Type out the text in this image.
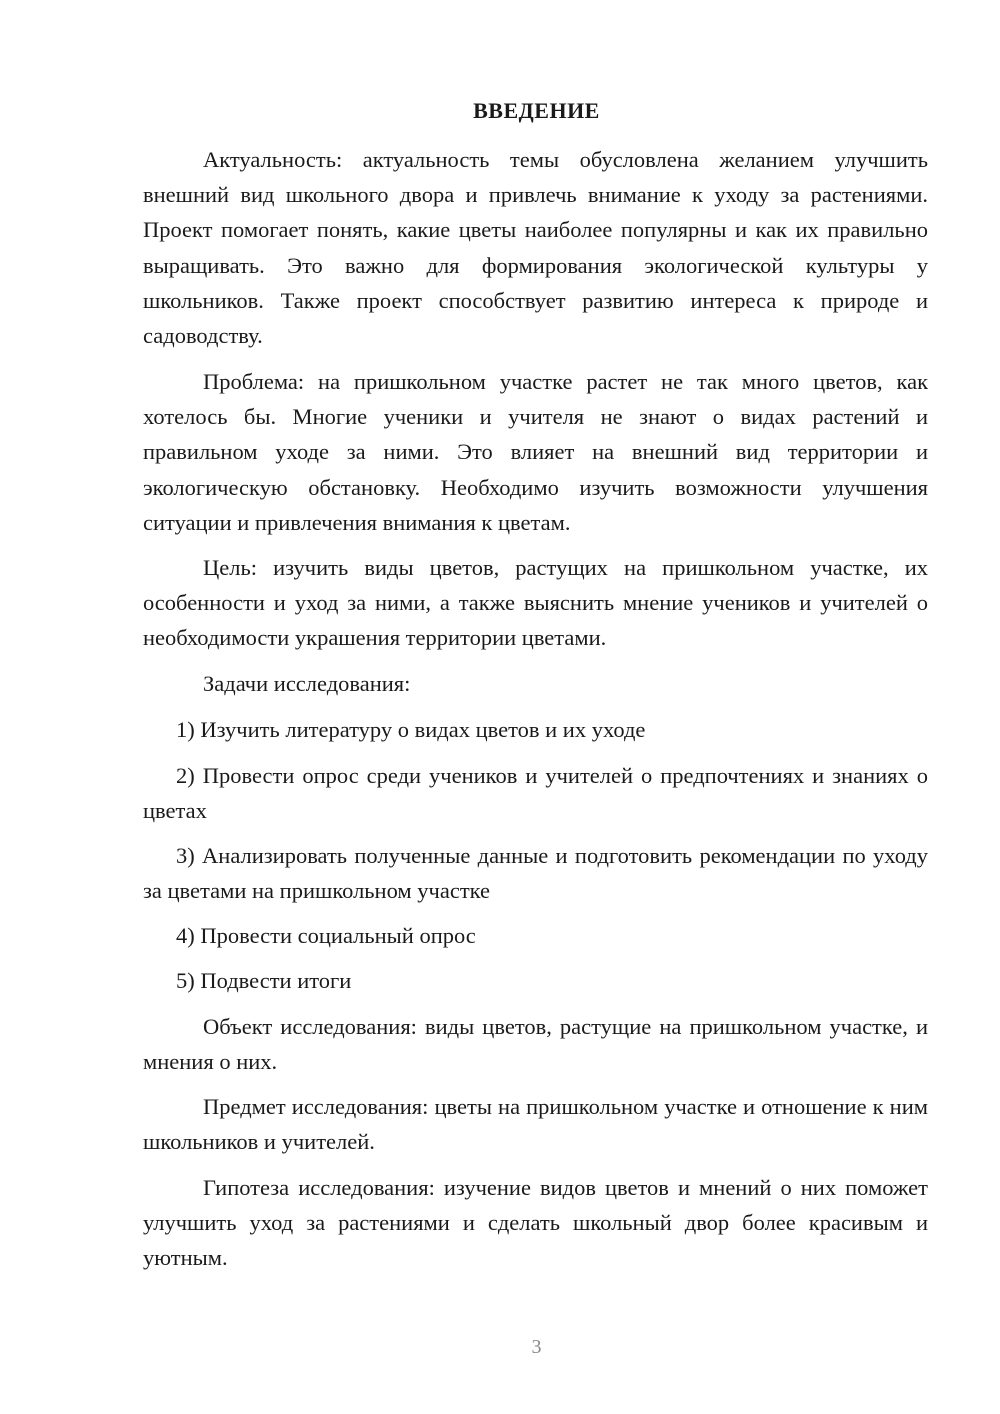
ВВЕДЕНИЕ

Актуальность: актуальность темы обусловлена желанием улучшить внешний вид школьного двора и привлечь внимание к уходу за растениями. Проект помогает понять, какие цветы наиболее популярны и как их правильно выращивать. Это важно для формирования экологической культуры у школьников. Также проект способствует развитию интереса к природе и садоводству.

Проблема: на пришкольном участке растет не так много цветов, как хотелось бы. Многие ученики и учителя не знают о видах растений и правильном уходе за ними. Это влияет на внешний вид территории и экологическую обстановку. Необходимо изучить возможности улучшения ситуации и привлечения внимания к цветам.

Цель: изучить виды цветов, растущих на пришкольном участке, их особенности и уход за ними, а также выяснить мнение учеников и учителей о необходимости украшения территории цветами.

Задачи исследования:

1) Изучить литературу о видах цветов и их уходе

2) Провести опрос среди учеников и учителей о предпочтениях и знаниях о цветах

3) Анализировать полученные данные и подготовить рекомендации по уходу за цветами на пришкольном участке

4) Провести социальный опрос

5) Подвести итоги

Объект исследования: виды цветов, растущие на пришкольном участке, и мнения о них.

Предмет исследования: цветы на пришкольном участке и отношение к ним школьников и учителей.

Гипотеза исследования: изучение видов цветов и мнений о них поможет улучшить уход за растениями и сделать школьный двор более красивым и уютным.

3
